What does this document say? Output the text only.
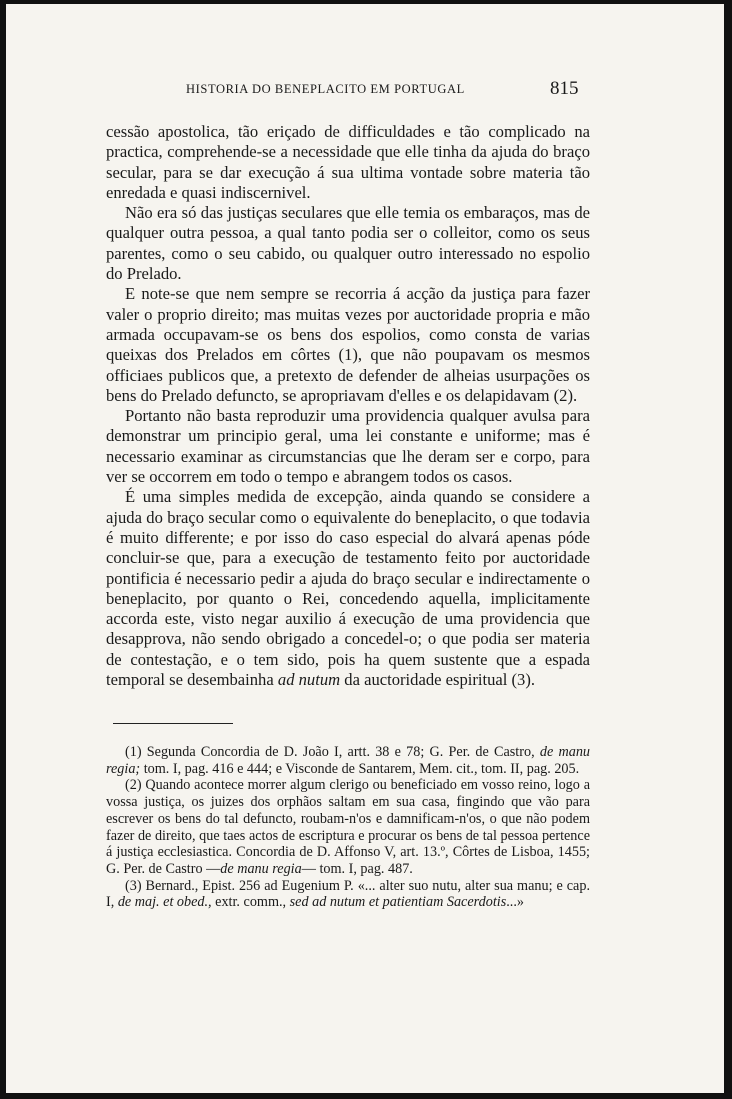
HISTORIA DO BENEPLACITO EM PORTUGAL	815

cessão apostolica, tão eriçado de difficuldades e tão complicado na practica, comprehende-se a necessidade que elle tinha da ajuda do braço secular, para se dar execução á sua ultima vontade sobre materia tão enredada e quasi indiscernivel.

Não era só das justiças seculares que elle temia os embaraços, mas de qualquer outra pessoa, a qual tanto podia ser o colleitor, como os seus parentes, como o seu cabido, ou qualquer outro interessado no espolio do Prelado.

E note-se que nem sempre se recorria á acção da justiça para fazer valer o proprio direito; mas muitas vezes por auctoridade propria e mão armada occupavam-se os bens dos espolios, como consta de varias queixas dos Prelados em côrtes (1), que não poupavam os mesmos officiaes publicos que, a pretexto de defender de alheias usurpações os bens do Prelado defuncto, se apropriavam d'elles e os delapidavam (2).

Portanto não basta reproduzir uma providencia qualquer avulsa para demonstrar um principio geral, uma lei constante e uniforme; mas é necessario examinar as circumstancias que lhe deram ser e corpo, para ver se occorrem em todo o tempo e abrangem todos os casos.

É uma simples medida de excepção, ainda quando se considere a ajuda do braço secular como o equivalente do beneplacito, o que todavia é muito differente; e por isso do caso especial do alvará apenas póde concluir-se que, para a execução de testamento feito por auctoridade pontificia é necessario pedir a ajuda do braço secular e indirectamente o beneplacito, por quanto o Rei, concedendo aquella, implicitamente accorda este, visto negar auxilio á execução de uma providencia que desapprova, não sendo obrigado a concedel-o; o que podia ser materia de contestação, e o tem sido, pois ha quem sustente que a espada temporal se desembainha ad nutum da auctoridade espiritual (3).

(1) Segunda Concordia de D. João I, artt. 38 e 78; G. Per. de Castro, de manu regia; tom. I, pag. 416 e 444; e Visconde de Santarem, Mem. cit., tom. II, pag. 205.

(2) Quando acontece morrer algum clerigo ou beneficiado em vosso reino, logo a vossa justiça, os juizes dos orphãos saltam em sua casa, fingindo que vão para escrever os bens do tal defuncto, roubam-n'os e damnificam-n'os, o que não podem fazer de direito, que taes actos de escriptura e procurar os bens de tal pessoa pertence á justiça ecclesiastica. Concordia de D. Affonso V, art. 13.º, Côrtes de Lisboa, 1455; G. Per. de Castro —de manu regia— tom. I, pag. 487.

(3) Bernard., Epist. 256 ad Eugenium P. «... alter suo nutu, alter sua manu; e cap. I, de maj. et obed., extr. comm., sed ad nutum et patientiam Sacerdotis...»
